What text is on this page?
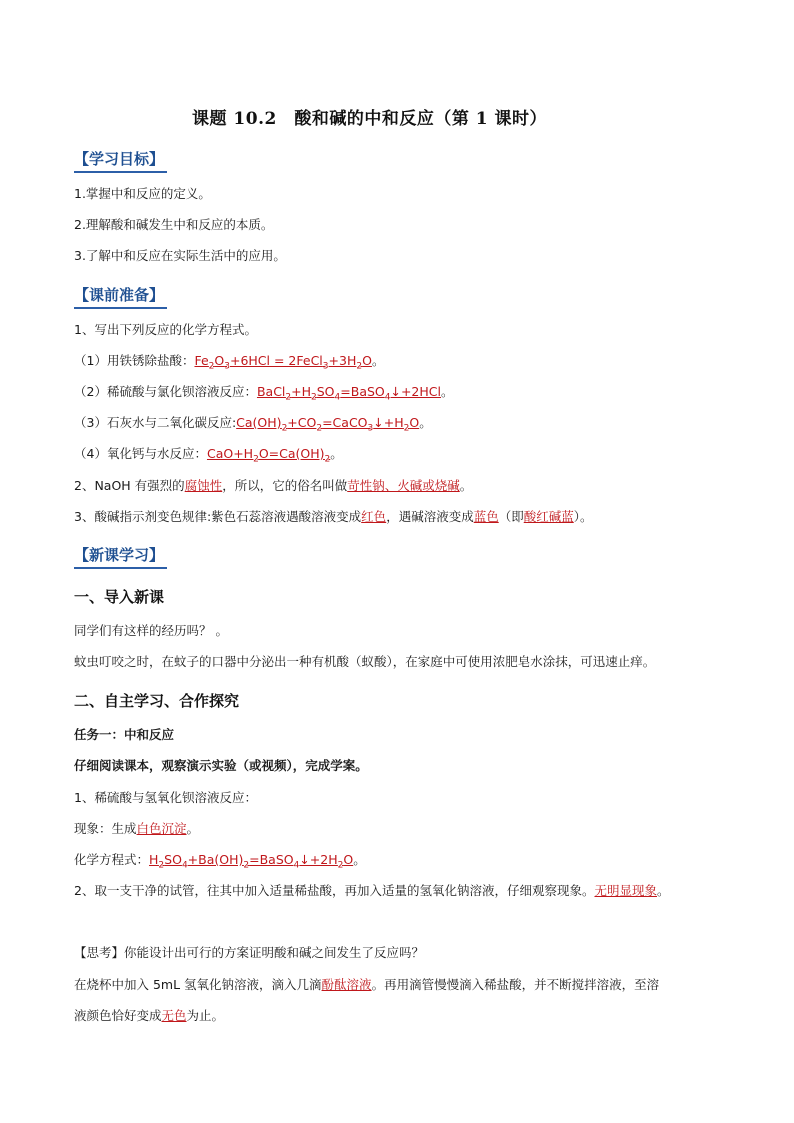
课题 10.2　酸和碱的中和反应（第 1 课时）
【学习目标】
1.掌握中和反应的定义。
2.理解酸和碱发生中和反应的本质。
3.了解中和反应在实际生活中的应用。
【课前准备】
1、写出下列反应的化学方程式。
（1）用铁锈除盐酸：$Fe_2O_3+6HCl$ = $2FeCl_3+3H_2O$。
（2）稀硫酸与氯化钡溶液反应：$BaCl_2+H_2SO_4=BaSO_4↓+2HCl$。
（3）石灰水与二氧化碳反应$:Ca(OH)_2+CO_2=CaCO_3↓+H_2O$。
（4）氧化钙与水反应：$CaO+H_2O=Ca(OH)_2$。
2、NaOH 有强烈的腐蚀性，所以，它的俗名叫做苛性钠、火碱或烧碱。
3、酸碱指示剂变色规律:紫色石蕊溶液遇酸溶液变成红色，遇碱溶液变成蓝色（即酸红碱蓝）。
【新课学习】
一、导入新课
同学们有这样的经历吗？ 。
蚊虫叮咬之时，在蚊子的口器中分泌出一种有机酸（蚁酸），在家庭中可使用浓肥皂水涂抹，可迅速止痒。
二、自主学习、合作探究
任务一：中和反应
仔细阅读课本，观察演示实验（或视频），完成学案。
1、稀硫酸与氢氧化钡溶液反应：
现象：生成白色沉淀。
化学方程式：$H_2SO_4+Ba(OH)_2=BaSO_4↓+2H_2O$。
2、取一支干净的试管，往其中加入适量稀盐酸，再加入适量的氢氧化钠溶液，仔细观察现象。无明显现象。
【思考】你能设计出可行的方案证明酸和碱之间发生了反应吗？
在烧杯中加入 5mL 氢氧化钠溶液，滴入几滴酚酞溶液。再用滴管慢慢滴入稀盐酸，并不断搅拌溶液，至溶
液颜色恰好变成无色为止。
